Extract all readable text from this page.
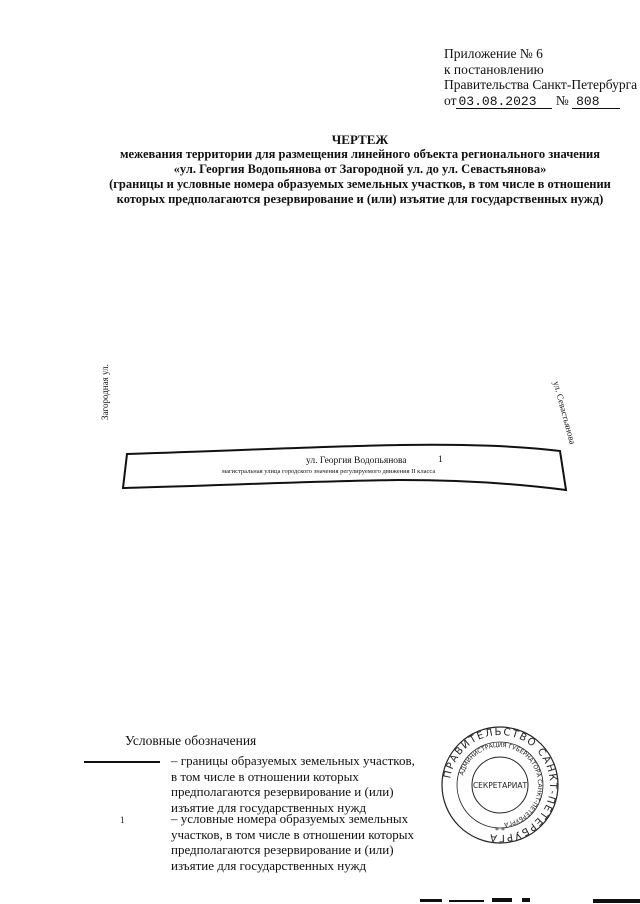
Приложение № 6
к постановлению
Правительства Санкт-Петербурга
от 03.08.2023 № 808
ЧЕРТЕЖ
межевания территории для размещения линейного объекта регионального значения
«ул. Георгия Водопьянова от Загородной ул. до ул. Севастьянова»
(границы и условные номера образуемых земельных участков, в том числе в отношении
которых предполагаются резервирование и (или) изъятие для государственных нужд)
Загородная ул.	ул. Севастьянова
ул. Георгия Водопьянова	1
магистральная улица городского значения регулируемого движения II класса
Условные обозначения
– границы образуемых земельных участков,
в том числе в отношении которых
предполагаются резервирование и (или)
изъятие для государственных нужд
1	– условные номера образуемых земельных
участков, в том числе в отношении которых
предполагаются резервирование и (или)
изъятие для государственных нужд
ПРАВИТЕЛЬСТВО САНКТ-ПЕТЕРБУРГА
АДМИНИСТРАЦИЯ ГУБЕРНАТОРА САНКТ-ПЕТЕРБУРГА
СЕКРЕТАРИАТ
* *
